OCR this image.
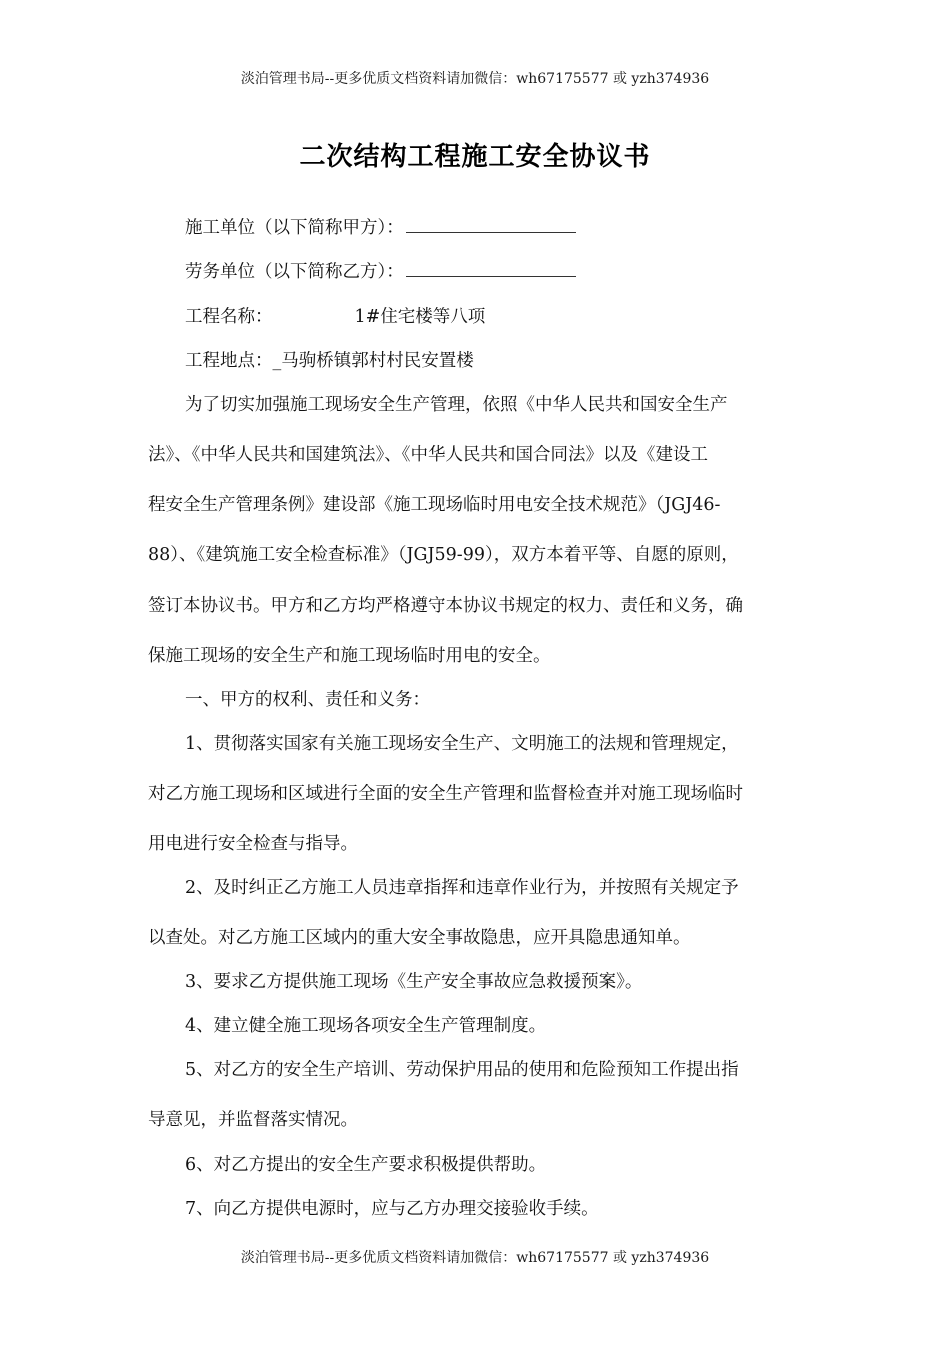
淡泊管理书局--更多优质文档资料请加微信：wh67175577 或 yzh374936
二次结构工程施工安全协议书
施工单位（以下简称甲方）：
劳务单位（以下简称乙方）：
工程名称：	1#住宅楼等八项
工程地点：_马驹桥镇郭村村民安置楼
为了切实加强施工现场安全生产管理，依照《中华人民共和国安全生产
法》、《中华人民共和国建筑法》、《中华人民共和国合同法》以及《建设工
程安全生产管理条例》建设部《施工现场临时用电安全技术规范》（JGJ46-
88）、《建筑施工安全检查标准》（JGJ59-99），双方本着平等、自愿的原则，
签订本协议书。甲方和乙方均严格遵守本协议书规定的权力、责任和义务，确
保施工现场的安全生产和施工现场临时用电的安全。
一、甲方的权利、责任和义务：
1、贯彻落实国家有关施工现场安全生产、文明施工的法规和管理规定，
对乙方施工现场和区域进行全面的安全生产管理和监督检查并对施工现场临时
用电进行安全检查与指导。
2、及时纠正乙方施工人员违章指挥和违章作业行为，并按照有关规定予
以查处。对乙方施工区域内的重大安全事故隐患，应开具隐患通知单。
3、要求乙方提供施工现场《生产安全事故应急救援预案》。
4、建立健全施工现场各项安全生产管理制度。
5、对乙方的安全生产培训、劳动保护用品的使用和危险预知工作提出指
导意见，并监督落实情况。
6、对乙方提出的安全生产要求积极提供帮助。
7、向乙方提供电源时，应与乙方办理交接验收手续。
淡泊管理书局--更多优质文档资料请加微信：wh67175577 或 yzh374936
